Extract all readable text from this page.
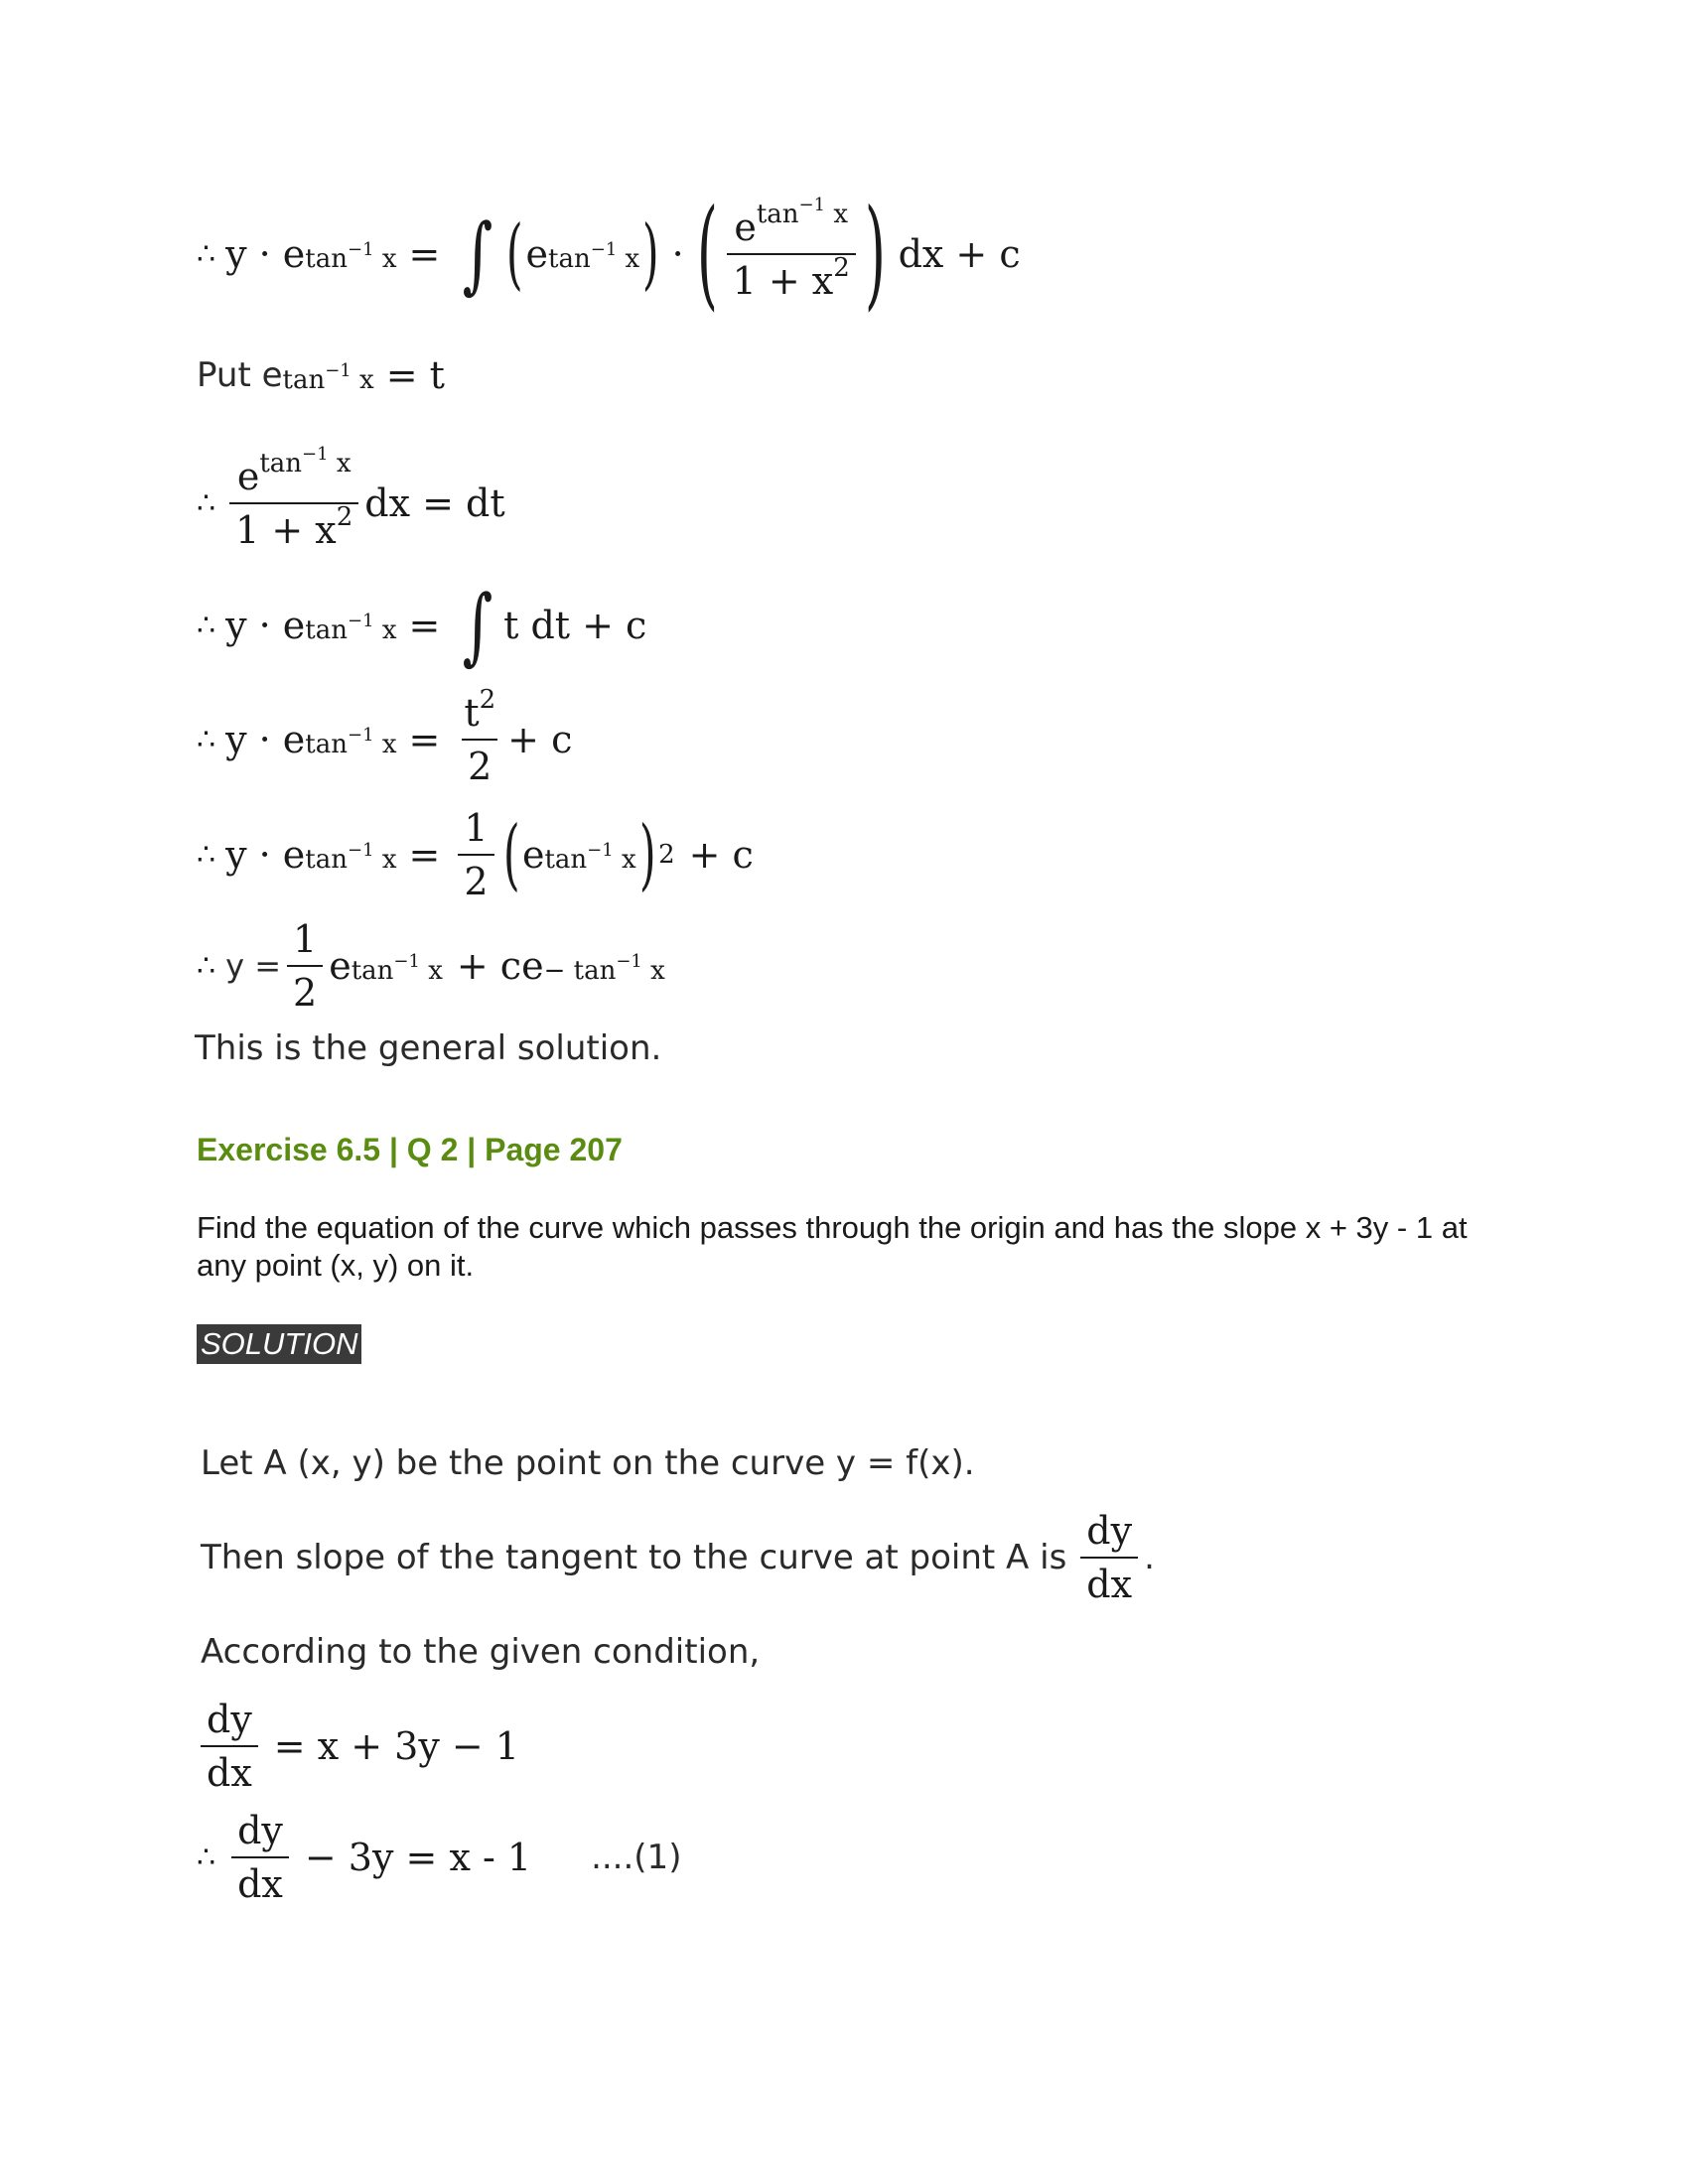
∴ y · e $\tan^{-1} x$ = ∫ ( e $\tan^{-1} x$ ) · ( $\frac{e^{tan^{-1} x}}{1 + x^2}$ ) dx + c
Put e $\tan^{-1} x = t$
∴ $\frac{e^{tan^{-1} x}}{1 + x^2}$ dx = dt
∴ y · e $\tan^{-1} x$ = ∫ t dt + c
∴ y · e $\tan^{-1} x = \frac{t^2}{2} + c$
∴ y · e $\tan^{-1} x = \frac{1}{2}$ ( e $\tan^{-1} x$ ) 2 + c
∴ $y = \frac{1}{2}$ e $\tan^{-1} x$ + ce − $\tan^{-1} x$
This is the general solution.
Exercise 6.5 | Q 2 | Page 207
Find the equation of the curve which passes through the origin and has the slope x + 3y - 1 at any point (x, y) on it.
SOLUTION
Let A (x, y) be the point on the curve y = f(x).
Then slope of the tangent to the curve at point A is $\frac{dy}{dx}$ .
According to the given condition,
$\frac{dy}{dx} = x + 3y - 1$
∴ $\frac{dy}{dx} - 3y = x - 1$ ....(1)
